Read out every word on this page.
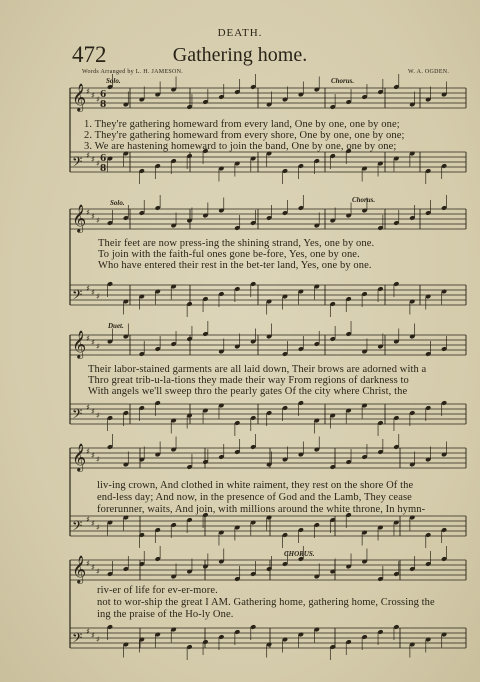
𝄞 ♯ ♯ ♯
𝄢 ♯ ♯ ♯
𝄞 ♯ ♯ ♯
𝄢 ♯ ♯ ♯
𝄞 ♯ ♯ ♯
𝄢 ♯ ♯ ♯
𝄞 ♯ ♯ ♯
𝄢 ♯ ♯ ♯
𝄞 ♯ ♯ ♯
𝄢 ♯ ♯ ♯
6
8
6
8
DEATH.
472	Gathering home.
Words Arranged by L. H. JAMESON.	W. A. OGDEN.
Solo.	Chorus.
Solo.	Chorus.
Duet.
CHORUS.
1. They're gathering homeward from every land, One by one, one by one;
2. They're gathering homeward from every shore, One by one, one by one;
3. We are hastening homeward to join the band, One by one, one by one;
Their feet are now press-ing the shining strand, Yes, one by one.
To join with the faith-ful ones gone be-fore, Yes, one by one.
Who have entered their rest in the bet-ter land, Yes, one by one.
Their labor-stained garments are all laid down, Their brows are adorned with a
Thro great trib-u-la-tions they made their way From regions of darkness to
With angels we'll sweep thro the pearly gates Of the city where Christ, the
liv-ing crown, And clothed in white raiment, they rest on the shore Of the
end-less day; And now, in the presence of God and the Lamb, They cease
forerunner, waits, And join, with millions around the white throne, In hymn-
riv-er of life for ev-er-more.
not to wor-ship the great I AM. Gathering home, gathering home, Crossing the
ing the praise of the Ho-ly One.
